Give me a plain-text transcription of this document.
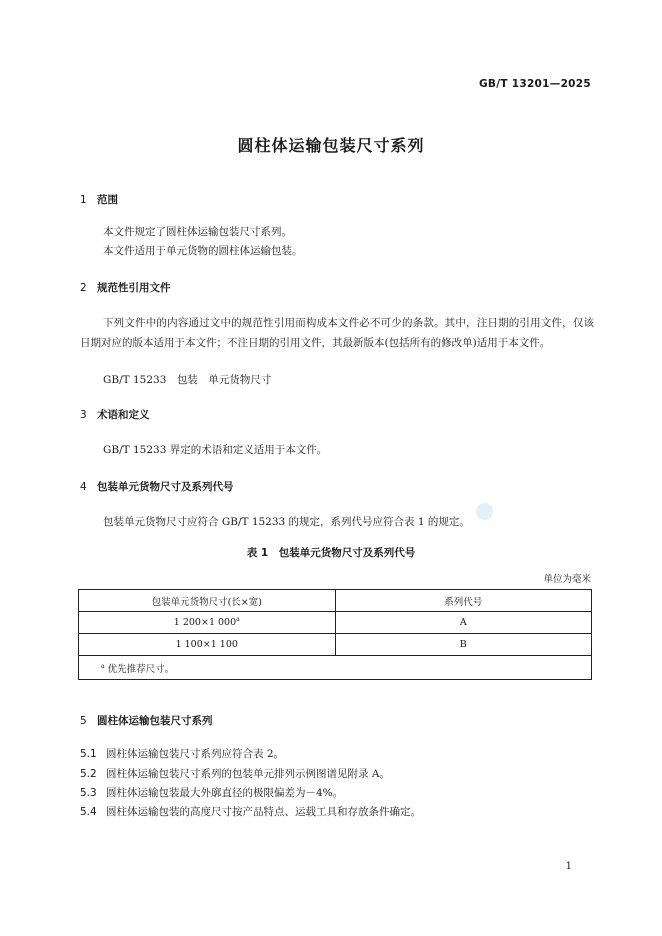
GB/T 13201—2025
圆柱体运输包装尺寸系列
1 范围
本文件规定了圆柱体运输包装尺寸系列。
本文件适用于单元货物的圆柱体运输包装。
2 规范性引用文件
下列文件中的内容通过文中的规范性引用而构成本文件必不可少的条款。其中，注日期的引用文件，仅该日期对应的版本适用于本文件；不注日期的引用文件，其最新版本(包括所有的修改单)适用于本文件。
GB/T 15233　包装　单元货物尺寸
3 术语和定义
GB/T 15233 界定的术语和定义适用于本文件。
4 包装单元货物尺寸及系列代号
包装单元货物尺寸应符合 GB/T 15233 的规定，系列代号应符合表 1 的规定。
表 1　包装单元货物尺寸及系列代号
单位为毫米
包装单元货物尺寸(长×宽)	系列代号
1 200×1 000$^a$	A
1 100×1 100	B
$^a$ 优先推荐尺寸。	
5 圆柱体运输包装尺寸系列
5.1 圆柱体运输包装尺寸系列应符合表 2。
5.2 圆柱体运输包装尺寸系列的包装单元排列示例图谱见附录 A。
5.3 圆柱体运输包装最大外廓直径的极限偏差为－4%。
5.4 圆柱体运输包装的高度尺寸按产品特点、运载工具和存放条件确定。
1
